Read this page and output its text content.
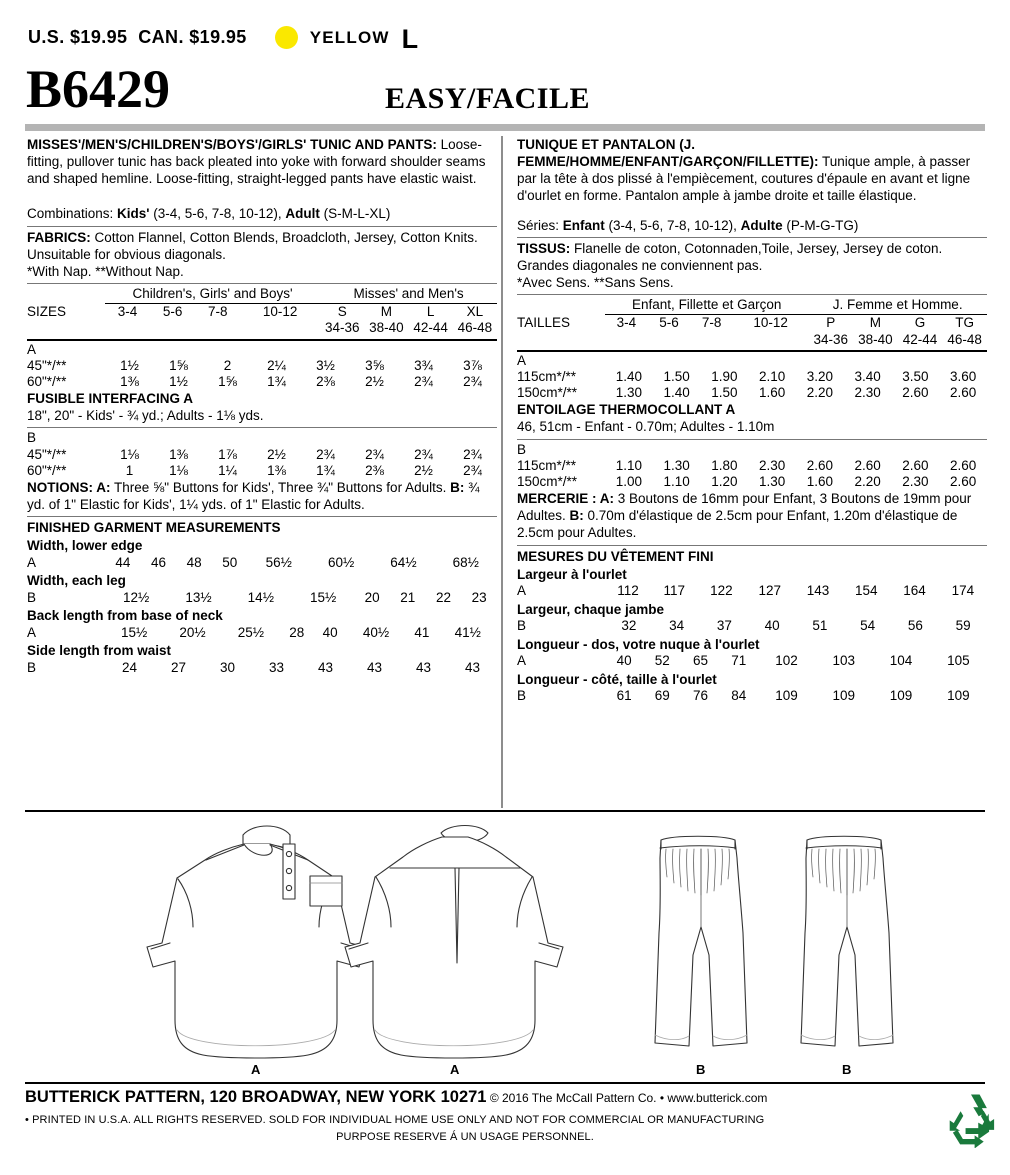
U.S. $19.95  CAN. $19.95	YELLOW L
B6429	EASY/FACILE

MISSES'/MEN'S/CHILDREN'S/BOYS'/GIRLS' TUNIC AND PANTS: Loose-fitting, pullover tunic has back pleated into yoke with forward shoulder seams and shaped hemline. Loose-fitting, straight-legged pants have elastic waist.

Combinations: Kids' (3-4, 5-6, 7-8, 10-12), Adult (S-M-L-XL)

FABRICS: Cotton Flannel, Cotton Blends, Broadcloth, Jersey, Cotton Knits.

Unsuitable for obvious diagonals.

*With Nap. **Without Nap.

	Children's, Girls' and Boys'				Misses' and Men's			
SIZES	3-4	5-6	7-8	10-12	S	M	L	XL
					34-36	38-40	42-44	46-48
A								
45"*/**	1½	1⅝	2	2¼	3½	3⅝	3¾	3⅞
60"*/**	1⅜	1½	1⅝	1¾	2⅜	2½	2¾	2¾

FUSIBLE INTERFACING A

18", 20" - Kids' - ¾ yd.; Adults - 1⅛ yds.

B								
45"*/**	1⅛	1⅜	1⅞	2½	2¾	2¾	2¾	2¾
60"*/**	1	1⅛	1¼	1⅜	1¾	2⅜	2½	2¾

NOTIONS: A: Three ⅝" Buttons for Kids', Three ¾" Buttons for Adults. B: ¾ yd. of 1" Elastic for Kids', 1¼ yds. of 1" Elastic for Adults.

FINISHED GARMENT MEASUREMENTS

Width, lower edge
A	44	46	48	50	56½	60½	64½	68½
Width, each leg
B	12½	13½	14½	15½	20	21	22	23
Back length from base of neck
A	15½	20½	25½	28	40	40½	41	41½
Side length from waist
B	24	27	30	33	43	43	43	43

TUNIQUE ET PANTALON (J. FEMME/HOMME/ENFANT/GARÇON/FILLETTE): Tunique ample, à passer par la tête à dos plissé à l'empiècement, coutures d'épaule en avant et ligne d'ourlet en forme. Pantalon ample à jambe droite et taille élastique.

Séries: Enfant (3-4, 5-6, 7-8, 10-12), Adulte (P-M-G-TG)

TISSUS: Flanelle de coton, Cotonnaden,Toile, Jersey, Jersey de coton.

Grandes diagonales ne conviennent pas.

*Avec Sens. **Sans Sens.

	Enfant, Fillette et Garçon				J. Femme et Homme.			
TAILLES	3-4	5-6	7-8	10-12	P	M	G	TG
					34-36	38-40	42-44	46-48
A								
115cm*/**	1.40	1.50	1.90	2.10	3.20	3.40	3.50	3.60
150cm*/**	1.30	1.40	1.50	1.60	2.20	2.30	2.60	2.60

ENTOILAGE THERMOCOLLANT A

46, 51cm - Enfant - 0.70m; Adultes - 1.10m

B								
115cm*/**	1.10	1.30	1.80	2.30	2.60	2.60	2.60	2.60
150cm*/**	1.00	1.10	1.20	1.30	1.60	2.20	2.30	2.60

MERCERIE : A: 3 Boutons de 16mm pour Enfant, 3 Boutons de 19mm pour Adultes. B: 0.70m d'élastique de 2.5cm pour Enfant, 1.20m d'élastique de 2.5cm pour Adultes.

MESURES DU VÊTEMENT FINI

Largeur à l'ourlet
A	112	117	122	127	143	154	164	174
Largeur, chaque jambe
B	32	34	37	40	51	54	56	59
Longueur - dos, votre nuque à l'ourlet
A	40	52	65	71	102	103	104	105
Longueur - côté, taille à l'ourlet
B	61	69	76	84	109	109	109	109
A	A	B	B
BUTTERICK PATTERN, 120 BROADWAY, NEW YORK 10271 © 2016 The McCall Pattern Co. • www.butterick.com
• PRINTED IN U.S.A. ALL RIGHTS RESERVED. SOLD FOR INDIVIDUAL HOME USE ONLY AND NOT FOR COMMERCIAL OR MANUFACTURING
PURPOSE RESERVE Á UN USAGE PERSONNEL.
